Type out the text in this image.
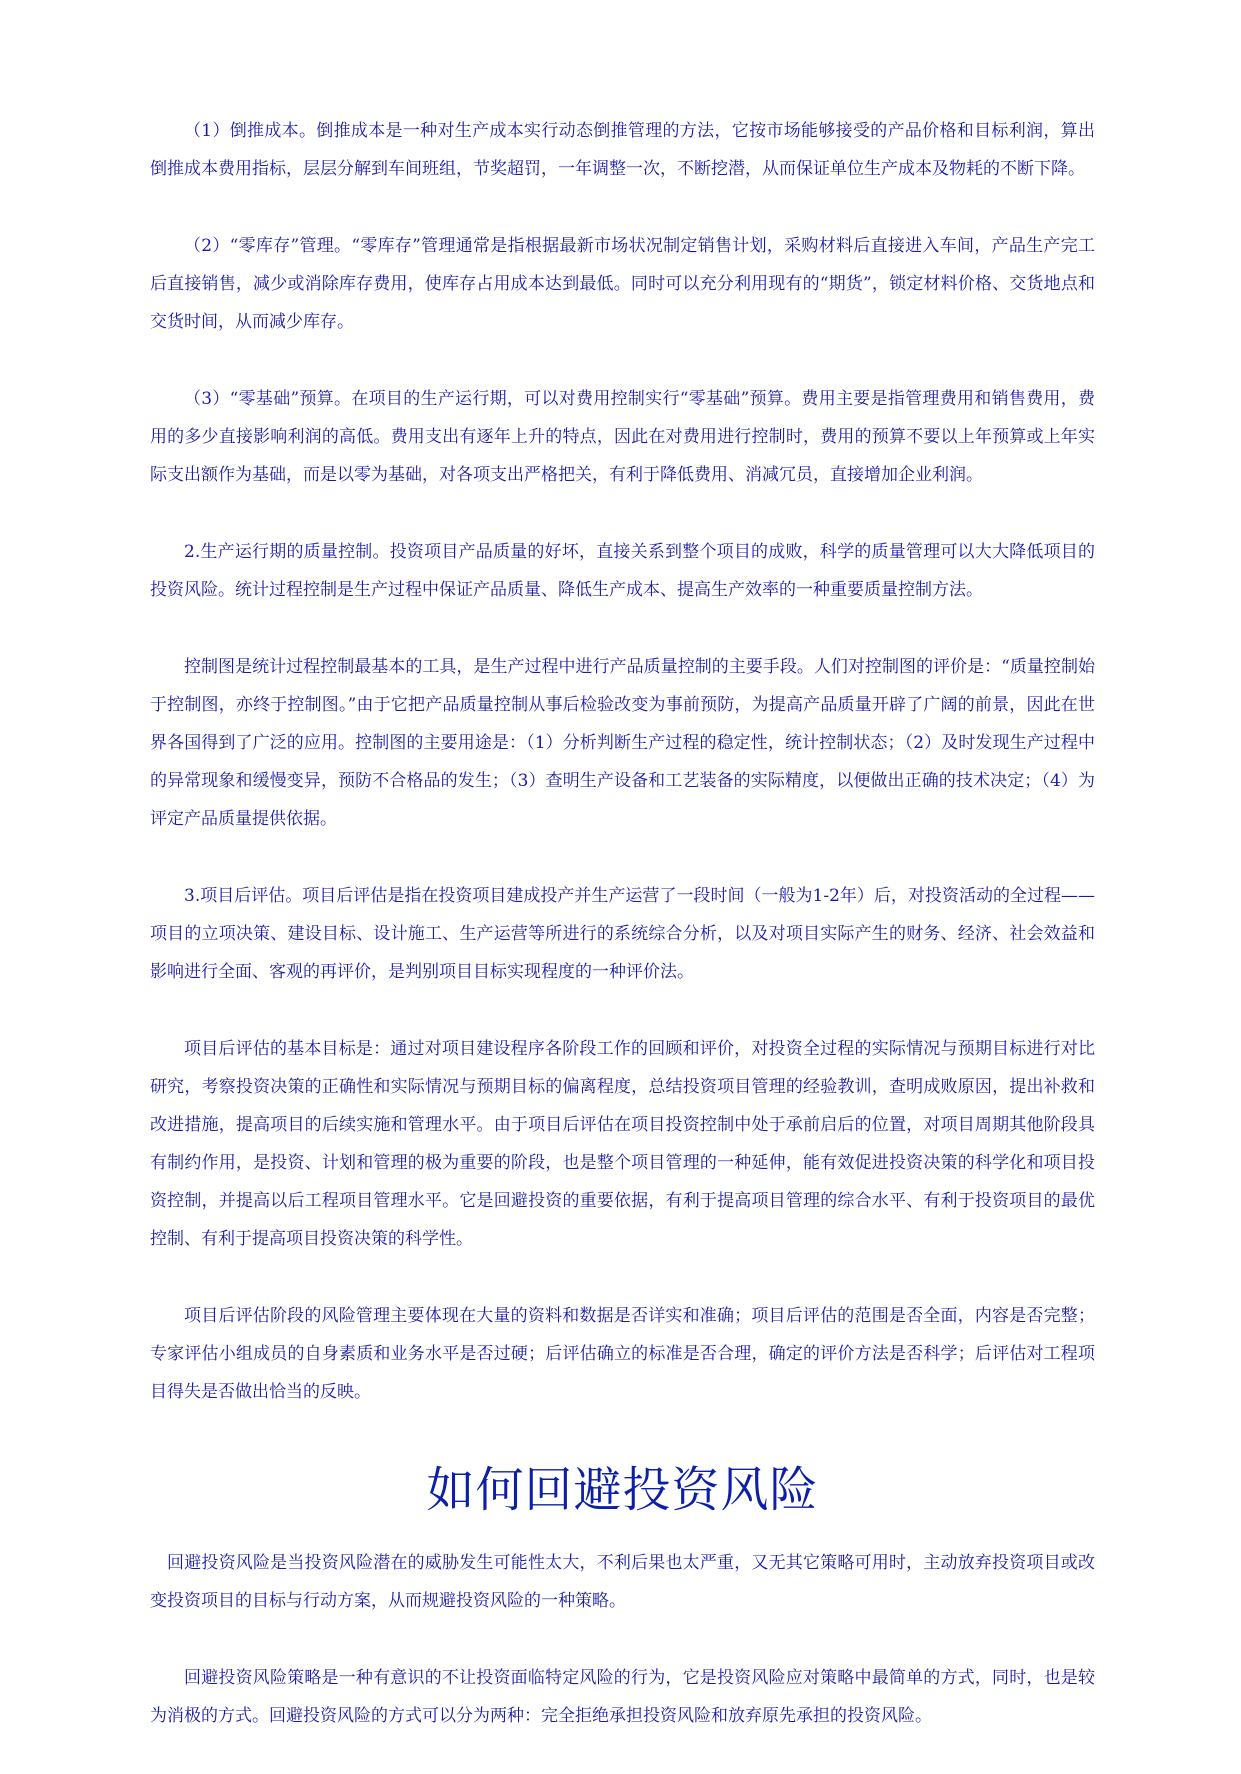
（1）倒推成本。倒推成本是一种对生产成本实行动态倒推管理的方法，它按市场能够接受的产品价格和目标利润，算出倒推成本费用指标，层层分解到车间班组，节奖超罚，一年调整一次，不断挖潜，从而保证单位生产成本及物耗的不断下降。

（2）“零库存”管理。“零库存”管理通常是指根据最新市场状况制定销售计划，采购材料后直接进入车间，产品生产完工后直接销售，减少或消除库存费用，使库存占用成本达到最低。同时可以充分利用现有的“期货”，锁定材料价格、交货地点和交货时间，从而减少库存。

（3）“零基础”预算。在项目的生产运行期，可以对费用控制实行“零基础”预算。费用主要是指管理费用和销售费用，费用的多少直接影响利润的高低。费用支出有逐年上升的特点，因此在对费用进行控制时，费用的预算不要以上年预算或上年实际支出额作为基础，而是以零为基础，对各项支出严格把关，有利于降低费用、消减冗员，直接增加企业利润。

2.生产运行期的质量控制。投资项目产品质量的好坏，直接关系到整个项目的成败，科学的质量管理可以大大降低项目的投资风险。统计过程控制是生产过程中保证产品质量、降低生产成本、提高生产效率的一种重要质量控制方法。

控制图是统计过程控制最基本的工具，是生产过程中进行产品质量控制的主要手段。人们对控制图的评价是：“质量控制始于控制图，亦终于控制图。”由于它把产品质量控制从事后检验改变为事前预防，为提高产品质量开辟了广阔的前景，因此在世界各国得到了广泛的应用。控制图的主要用途是：（1）分析判断生产过程的稳定性，统计控制状态；（2）及时发现生产过程中的异常现象和缓慢变异，预防不合格品的发生；（3）查明生产设备和工艺装备的实际精度，以便做出正确的技术决定；（4）为评定产品质量提供依据。

3.项目后评估。项目后评估是指在投资项目建成投产并生产运营了一段时间（一般为1-2年）后，对投资活动的全过程——项目的立项决策、建设目标、设计施工、生产运营等所进行的系统综合分析，以及对项目实际产生的财务、经济、社会效益和影响进行全面、客观的再评价，是判别项目目标实现程度的一种评价法。

项目后评估的基本目标是：通过对项目建设程序各阶段工作的回顾和评价，对投资全过程的实际情况与预期目标进行对比研究，考察投资决策的正确性和实际情况与预期目标的偏离程度，总结投资项目管理的经验教训，查明成败原因，提出补救和改进措施，提高项目的后续实施和管理水平。由于项目后评估在项目投资控制中处于承前启后的位置，对项目周期其他阶段具有制约作用，是投资、计划和管理的极为重要的阶段，也是整个项目管理的一种延伸，能有效促进投资决策的科学化和项目投资控制，并提高以后工程项目管理水平。它是回避投资的重要依据，有利于提高项目管理的综合水平、有利于投资项目的最优控制、有利于提高项目投资决策的科学性。

项目后评估阶段的风险管理主要体现在大量的资料和数据是否详实和准确；项目后评估的范围是否全面，内容是否完整；专家评估小组成员的自身素质和业务水平是否过硬；后评估确立的标准是否合理，确定的评价方法是否科学；后评估对工程项目得失是否做出恰当的反映。

如何回避投资风险

回避投资风险是当投资风险潜在的威胁发生可能性太大，不利后果也太严重，又无其它策略可用时，主动放弃投资项目或改变投资项目的目标与行动方案，从而规避投资风险的一种策略。

回避投资风险策略是一种有意识的不让投资面临特定风险的行为，它是投资风险应对策略中最简单的方式，同时，也是较为消极的方式。回避投资风险的方式可以分为两种：完全拒绝承担投资风险和放弃原先承担的投资风险。
